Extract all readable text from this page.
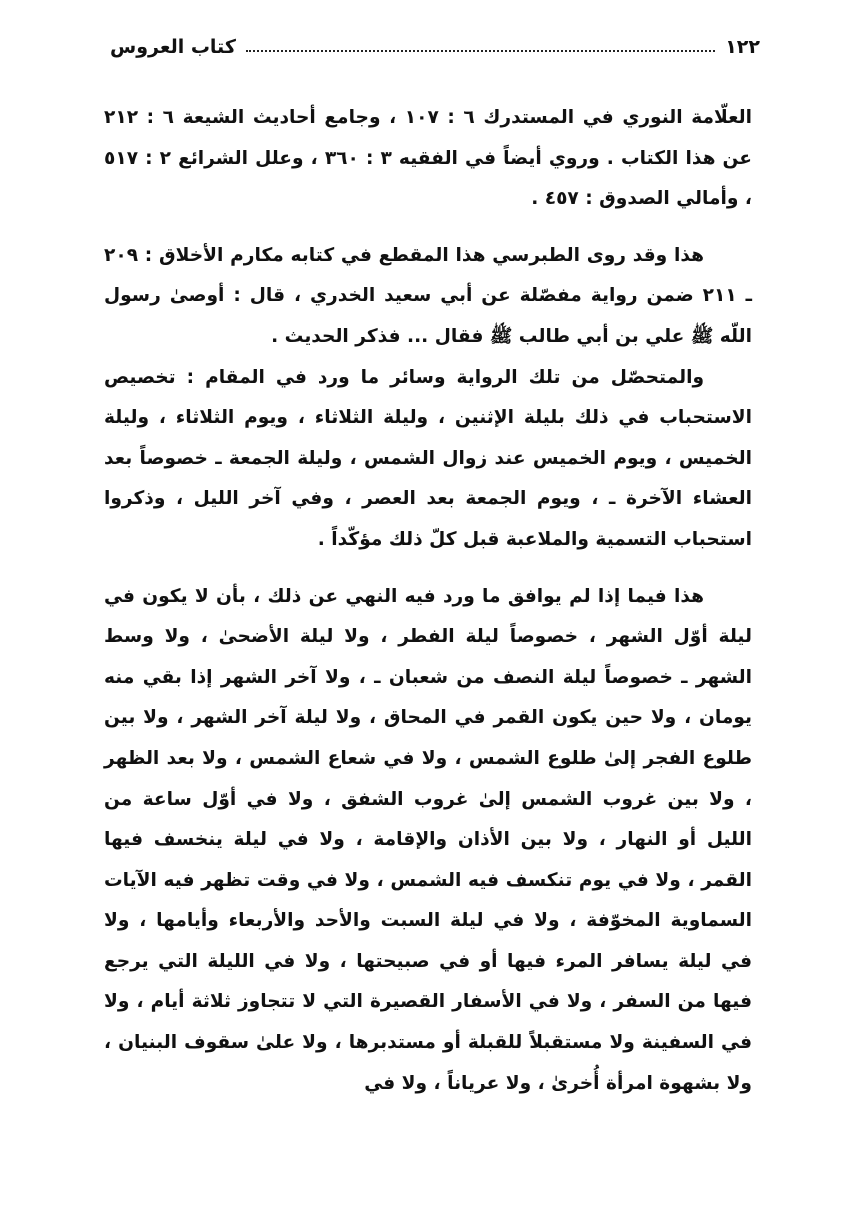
١٢٢
كتاب العروس

العلّامة النوري في المستدرك ٦ : ١٠٧ ، وجامع أحاديث الشيعة ٦ : ٢١٢ عن هذا الكتاب . وروي أيضاً في الفقيه ٣ : ٣٦٠ ، وعلل الشرائع ٢ : ٥١٧ ، وأمالي الصدوق : ٤٥٧ .

هذا وقد روى الطبرسي هذا المقطع في كتابه مكارم الأخلاق : ٢٠٩ ـ ٢١١ ضمن رواية مفصّلة عن أبي سعيد الخدري ، قال : أوصىٰ رسول اللّه ﷺ علي بن أبي طالب ﷺ فقال ... فذكر الحديث .

والمتحصّل من تلك الرواية وسائر ما ورد في المقام : تخصيص الاستحباب في ذلك بليلة الإثنين ، وليلة الثلاثاء ، ويوم الثلاثاء ، وليلة الخميس ، ويوم الخميس عند زوال الشمس ، وليلة الجمعة ـ خصوصاً بعد العشاء الآخرة ـ ، ويوم الجمعة بعد العصر ، وفي آخر الليل ، وذكروا استحباب التسمية والملاعبة قبل كلّ ذلك مؤكّداً .

هذا فيما إذا لم يوافق ما ورد فيه النهي عن ذلك ، بأن لا يكون في ليلة أوّل الشهر ، خصوصاً ليلة الفطر ، ولا ليلة الأضحىٰ ، ولا وسط الشهر ـ خصوصاً ليلة النصف من شعبان ـ ، ولا آخر الشهر إذا بقي منه يومان ، ولا حين يكون القمر في المحاق ، ولا ليلة آخر الشهر ، ولا بين طلوع الفجر إلىٰ طلوع الشمس ، ولا في شعاع الشمس ، ولا بعد الظهر ، ولا بين غروب الشمس إلىٰ غروب الشفق ، ولا في أوّل ساعة من الليل أو النهار ، ولا بين الأذان والإقامة ، ولا في ليلة ينخسف فيها القمر ، ولا في يوم تنكسف فيه الشمس ، ولا في وقت تظهر فيه الآيات السماوية المخوّفة ، ولا في ليلة السبت والأحد والأربعاء وأيامها ، ولا في ليلة يسافر المرء فيها أو في صبيحتها ، ولا في الليلة التي يرجع فيها من السفر ، ولا في الأسفار القصيرة التي لا تتجاوز ثلاثة أيام ، ولا في السفينة ولا مستقبلاً للقبلة أو مستدبرها ، ولا علىٰ سقوف البنيان ، ولا بشهوة امرأة أُخرىٰ ، ولا عرياناً ، ولا في
